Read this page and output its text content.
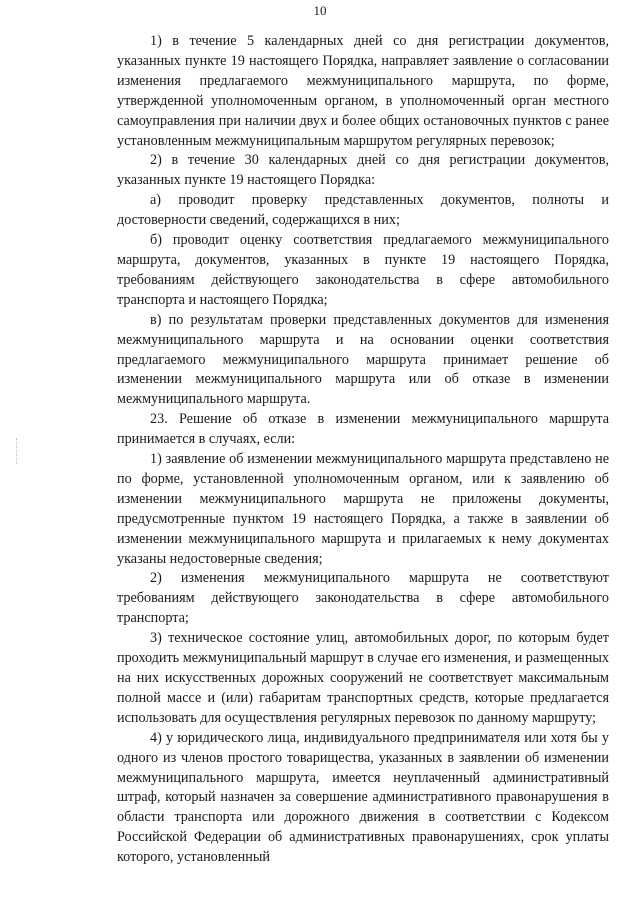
10

1) в течение 5 календарных дней со дня регистрации документов, указанных пункте 19 настоящего Порядка, направляет заявление о согласовании изменения предлагаемого межмуниципального маршрута, по форме, утвержденной уполномоченным органом, в уполномоченный орган местного самоуправления при наличии двух и более общих остановочных пунктов с ранее установленным межмуниципальным маршрутом регулярных перевозок;

2) в течение 30 календарных дней со дня регистрации документов, указанных пункте 19 настоящего Порядка:

а) проводит проверку представленных документов, полноты и достоверности сведений, содержащихся в них;

б) проводит оценку соответствия предлагаемого межмуниципального маршрута, документов, указанных в пункте 19 настоящего Порядка, требованиям действующего законодательства в сфере автомобильного транспорта и настоящего Порядка;

в) по результатам проверки представленных документов для изменения межмуниципального маршрута и на основании оценки соответствия предлагаемого межмуниципального маршрута принимает решение об изменении межмуниципального маршрута или об отказе в изменении межмуниципального маршрута.

23. Решение об отказе в изменении межмуниципального маршрута принимается в случаях, если:

1) заявление об изменении межмуниципального маршрута представлено не по форме, установленной уполномоченным органом, или к заявлению об изменении межмуниципального маршрута не приложены документы, предусмотренные пунктом 19 настоящего Порядка, а также в заявлении об изменении межмуниципального маршрута и прилагаемых к нему документах указаны недостоверные сведения;

2) изменения межмуниципального маршрута не соответствуют требованиям действующего законодательства в сфере автомобильного транспорта;

3) техническое состояние улиц, автомобильных дорог, по которым будет проходить межмуниципальный маршрут в случае его изменения, и размещенных на них искусственных дорожных сооружений не соответствует максимальным полной массе и (или) габаритам транспортных средств, которые предлагается использовать для осуществления регулярных перевозок по данному маршруту;

4) у юридического лица, индивидуального предпринимателя или хотя бы у одного из членов простого товарищества, указанных в заявлении об изменении межмуниципального маршрута, имеется неуплаченный административный штраф, который назначен за совершение административного правонарушения в области транспорта или дорожного движения в соответствии с Кодексом Российской Федерации об административных правонарушениях, срок уплаты которого, установленный
